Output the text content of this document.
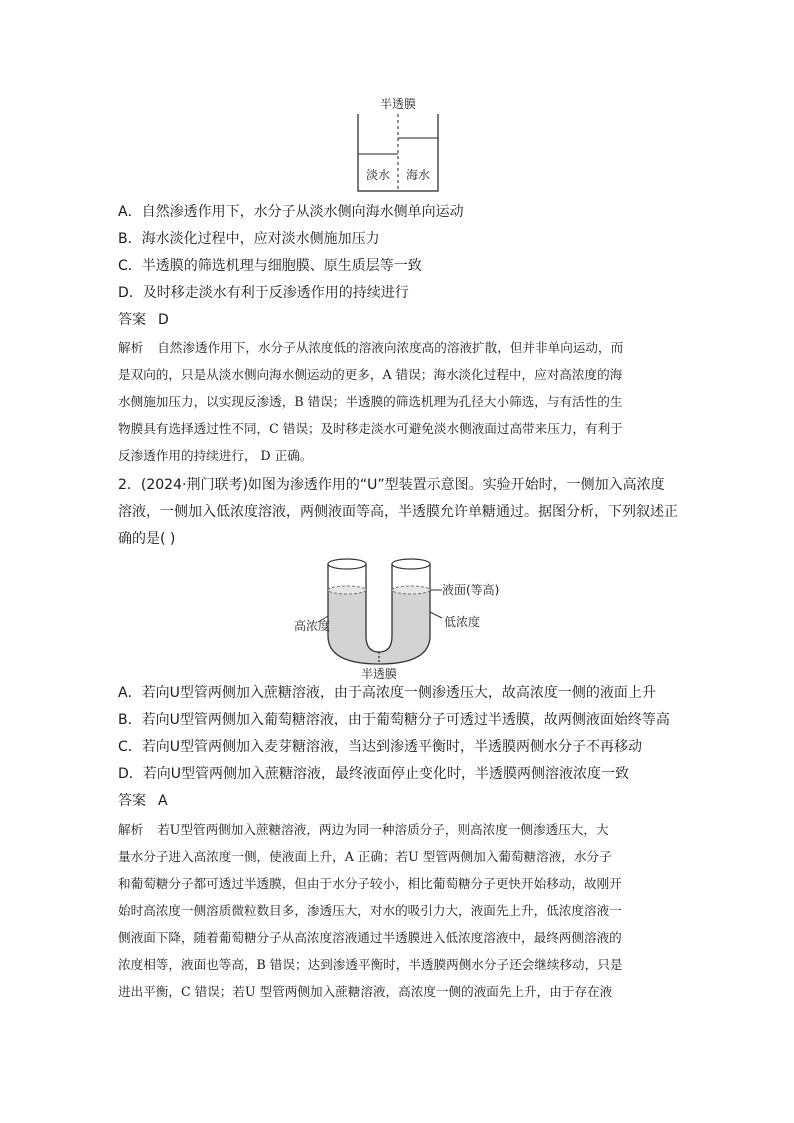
半透膜
淡水 海水
A．自然渗透作用下，水分子从淡水侧向海水侧单向运动
B．海水淡化过程中，应对淡水侧施加压力
C．半透膜的筛选机理与细胞膜、原生质层等一致
D．及时移走淡水有利于反渗透作用的持续进行
答案 D
解析 自然渗透作用下，水分子从浓度低的溶液向浓度高的溶液扩散，但并非单向运动，而
是双向的，只是从淡水侧向海水侧运动的更多，A 错误；海水淡化过程中，应对高浓度的海
水侧施加压力，以实现反渗透，B 错误；半透膜的筛选机理为孔径大小筛选，与有活性的生
物膜具有选择透过性不同，C 错误；及时移走淡水可避免淡水侧液面过高带来压力，有利于
反渗透作用的持续进行， D 正确。
2．(2024·荆门联考)如图为渗透作用的“U”型装置示意图。实验开始时，一侧加入高浓度
溶液，一侧加入低浓度溶液，两侧液面等高，半透膜允许单糖通过。据图分析，下列叙述正
确的是( )
液面(等高)
高浓度	低浓度
半透膜
A．若向U型管两侧加入蔗糖溶液，由于高浓度一侧渗透压大，故高浓度一侧的液面上升
B．若向U型管两侧加入葡萄糖溶液，由于葡萄糖分子可透过半透膜，故两侧液面始终等高
C．若向U型管两侧加入麦芽糖溶液，当达到渗透平衡时，半透膜两侧水分子不再移动
D．若向U型管两侧加入蔗糖溶液，最终液面停止变化时，半透膜两侧溶液浓度一致
答案 A
解析 若U型管两侧加入蔗糖溶液，两边为同一种溶质分子，则高浓度一侧渗透压大，大
量水分子进入高浓度一侧，使液面上升，A 正确；若U 型管两侧加入葡萄糖溶液，水分子
和葡萄糖分子都可透过半透膜，但由于水分子较小，相比葡萄糖分子更快开始移动，故刚开
始时高浓度一侧溶质微粒数目多，渗透压大，对水的吸引力大，液面先上升，低浓度溶液一
侧液面下降，随着葡萄糖分子从高浓度溶液通过半透膜进入低浓度溶液中，最终两侧溶液的
浓度相等，液面也等高，B 错误；达到渗透平衡时，半透膜两侧水分子还会继续移动，只是
进出平衡，C 错误；若U 型管两侧加入蔗糖溶液，高浓度一侧的液面先上升，由于存在液
